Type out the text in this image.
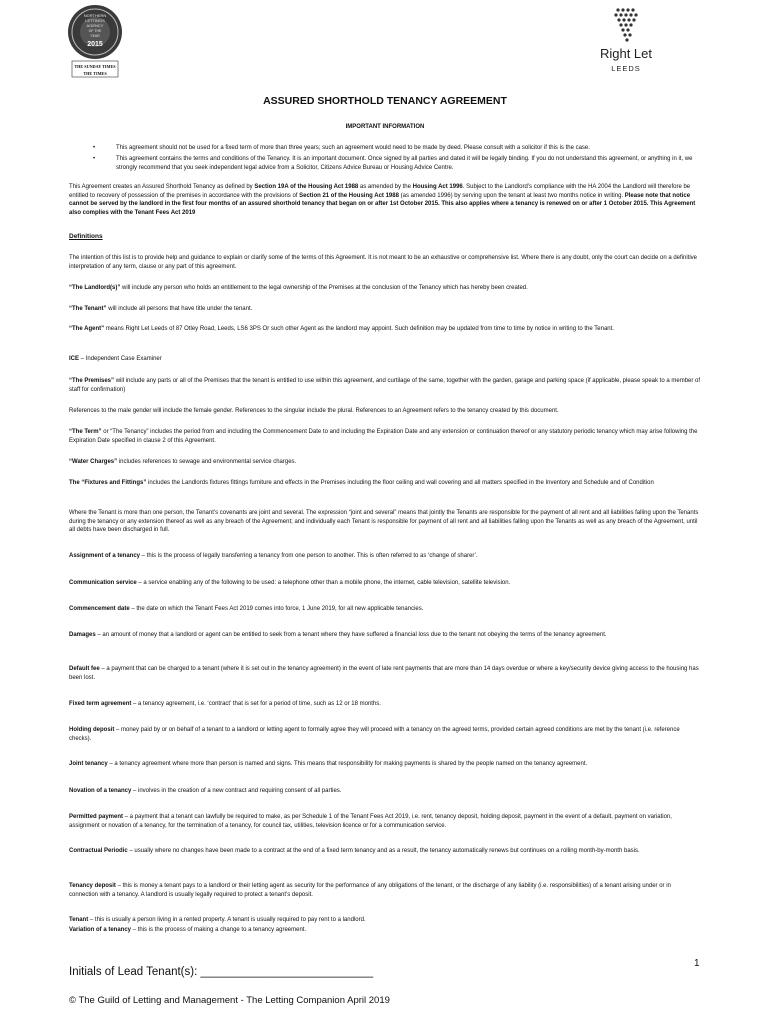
NORTHERN
LETTINGS
AGENCY
OF THE
YEAR
2015
THE SUNDAY TIMES
THE TIMES
Right Let
LEEDS
ASSURED SHORTHOLD TENANCY AGREEMENT
IMPORTANT INFORMATION
•	This agreement should not be used for a fixed term of more than three years; such an agreement would need to be made by deed. Please consult with a solicitor if this is the case.
•	This agreement contains the terms and conditions of the Tenancy. It is an important document. Once signed by all parties and dated it will be legally binding. If you do not understand this agreement, or anything in it, we strongly recommend that you seek independent legal advice from a Solicitor, Citizens Advice Bureau or Housing Advice Centre.
This Agreement creates an Assured Shorthold Tenancy as defined by Section 19A of the Housing Act 1988 as amended by the Housing Act 1996. Subject to the Landlord’s compliance with the HA 2004 the Landlord will therefore be entitled to recovery of possession of the premises in accordance with the provisions of Section 21 of the Housing Act 1988 (as amended 1996) by serving upon the tenant at least two months notice in writing. Please note that notice cannot be served by the landlord in the first four months of an assured shorthold tenancy that began on or after 1st October 2015. This also applies where a tenancy is renewed on or after 1 October 2015. This Agreement also complies with the Tenant Fees Act 2019
Definitions
The intention of this list is to provide help and guidance to explain or clarify some of the terms of this Agreement. It is not meant to be an exhaustive or comprehensive list. Where there is any doubt, only the court can decide on a definitive interpretation of any term, clause or any part of this agreement.
“The Landlord(s)” will include any person who holds an entitlement to the legal ownership of the Premises at the conclusion of the Tenancy which has hereby been created.
“The Tenant” will include all persons that have title under the tenant.
“The Agent” means Right Let Leeds of 87 Otley Road, Leeds, LS6 3PS Or such other Agent as the landlord may appoint. Such definition may be updated from time to time by notice in writing to the Tenant.
ICE – Independent Case Examiner
“The Premises” will include any parts or all of the Premises that the tenant is entitled to use within this agreement, and curtilage of the same, together with the garden, garage and parking space (if applicable, please speak to a member of staff for confirmation)
References to the male gender will include the female gender. References to the singular include the plural. References to an Agreement refers to the tenancy created by this document.
“The Term” or “The Tenancy” includes the period from and including the Commencement Date to and including the Expiration Date and any extension or continuation thereof or any statutory periodic tenancy which may arise following the Expiration Date specified in clause 2 of this Agreement.
“Water Charges” includes references to sewage and environmental service charges.
The “Fixtures and Fittings” includes the Landlords fixtures fittings furniture and effects in the Premises including the floor ceiling and wall covering and all matters specified in the Inventory and Schedule and of Condition
Where the Tenant is more than one person, the Tenant’s covenants are joint and several. The expression “joint and several” means that jointly the Tenants are responsible for the payment of all rent and all liabilities falling upon the Tenants during the tenancy or any extension thereof as well as any breach of the Agreement; and individually each Tenant is responsible for payment of all rent and all liabilities falling upon the Tenants as well as any breach of the Agreement, until all debts have been discharged in full.
Assignment of a tenancy – this is the process of legally transferring a tenancy from one person to another. This is often referred to as ‘change of sharer’.
Communication service – a service enabling any of the following to be used: a telephone other than a mobile phone, the internet, cable television, satellite television.
Commencement date – the date on which the Tenant Fees Act 2019 comes into force, 1 June 2019, for all new applicable tenancies.
Damages – an amount of money that a landlord or agent can be entitled to seek from a tenant where they have suffered a financial loss due to the tenant not obeying the terms of the tenancy agreement.
Default fee – a payment that can be charged to a tenant (where it is set out in the tenancy agreement) in the event of late rent payments that are more than 14 days overdue or where a key/security device giving access to the housing has been lost.
Fixed term agreement – a tenancy agreement, i.e. ‘contract’ that is set for a period of time, such as 12 or 18 months.
Holding deposit – money paid by or on behalf of a tenant to a landlord or letting agent to formally agree they will proceed with a tenancy on the agreed terms, provided certain agreed conditions are met by the tenant (i.e. reference checks).
Joint tenancy – a tenancy agreement where more than person is named and signs. This means that responsibility for making payments is shared by the people named on the tenancy agreement.
Novation of a tenancy – involves in the creation of a new contract and requiring consent of all parties.
Permitted payment – a payment that a tenant can lawfully be required to make, as per Schedule 1 of the Tenant Fees Act 2019, i.e. rent, tenancy deposit, holding deposit, payment in the event of a default, payment on variation, assignment or novation of a tenancy, for the termination of a tenancy, for council tax, utilities, television licence or for a communication service.
Contractual Periodic – usually where no changes have been made to a contract at the end of a fixed term tenancy and as a result, the tenancy automatically renews but continues on a rolling month-by-month basis.
Tenancy deposit – this is money a tenant pays to a landlord or their letting agent as security for the performance of any obligations of the tenant, or the discharge of any liability (i.e. responsibilities) of a tenant arising under or in connection with a tenancy. A landlord is usually legally required to protect a tenant’s deposit.
Tenant – this is usually a person living in a rented property. A tenant is usually required to pay rent to a landlord.
Variation of a tenancy – this is the process of making a change to a tenancy agreement.
1
Initials of Lead Tenant(s): ___________________________
© The Guild of Letting and Management - The Letting Companion April 2019
